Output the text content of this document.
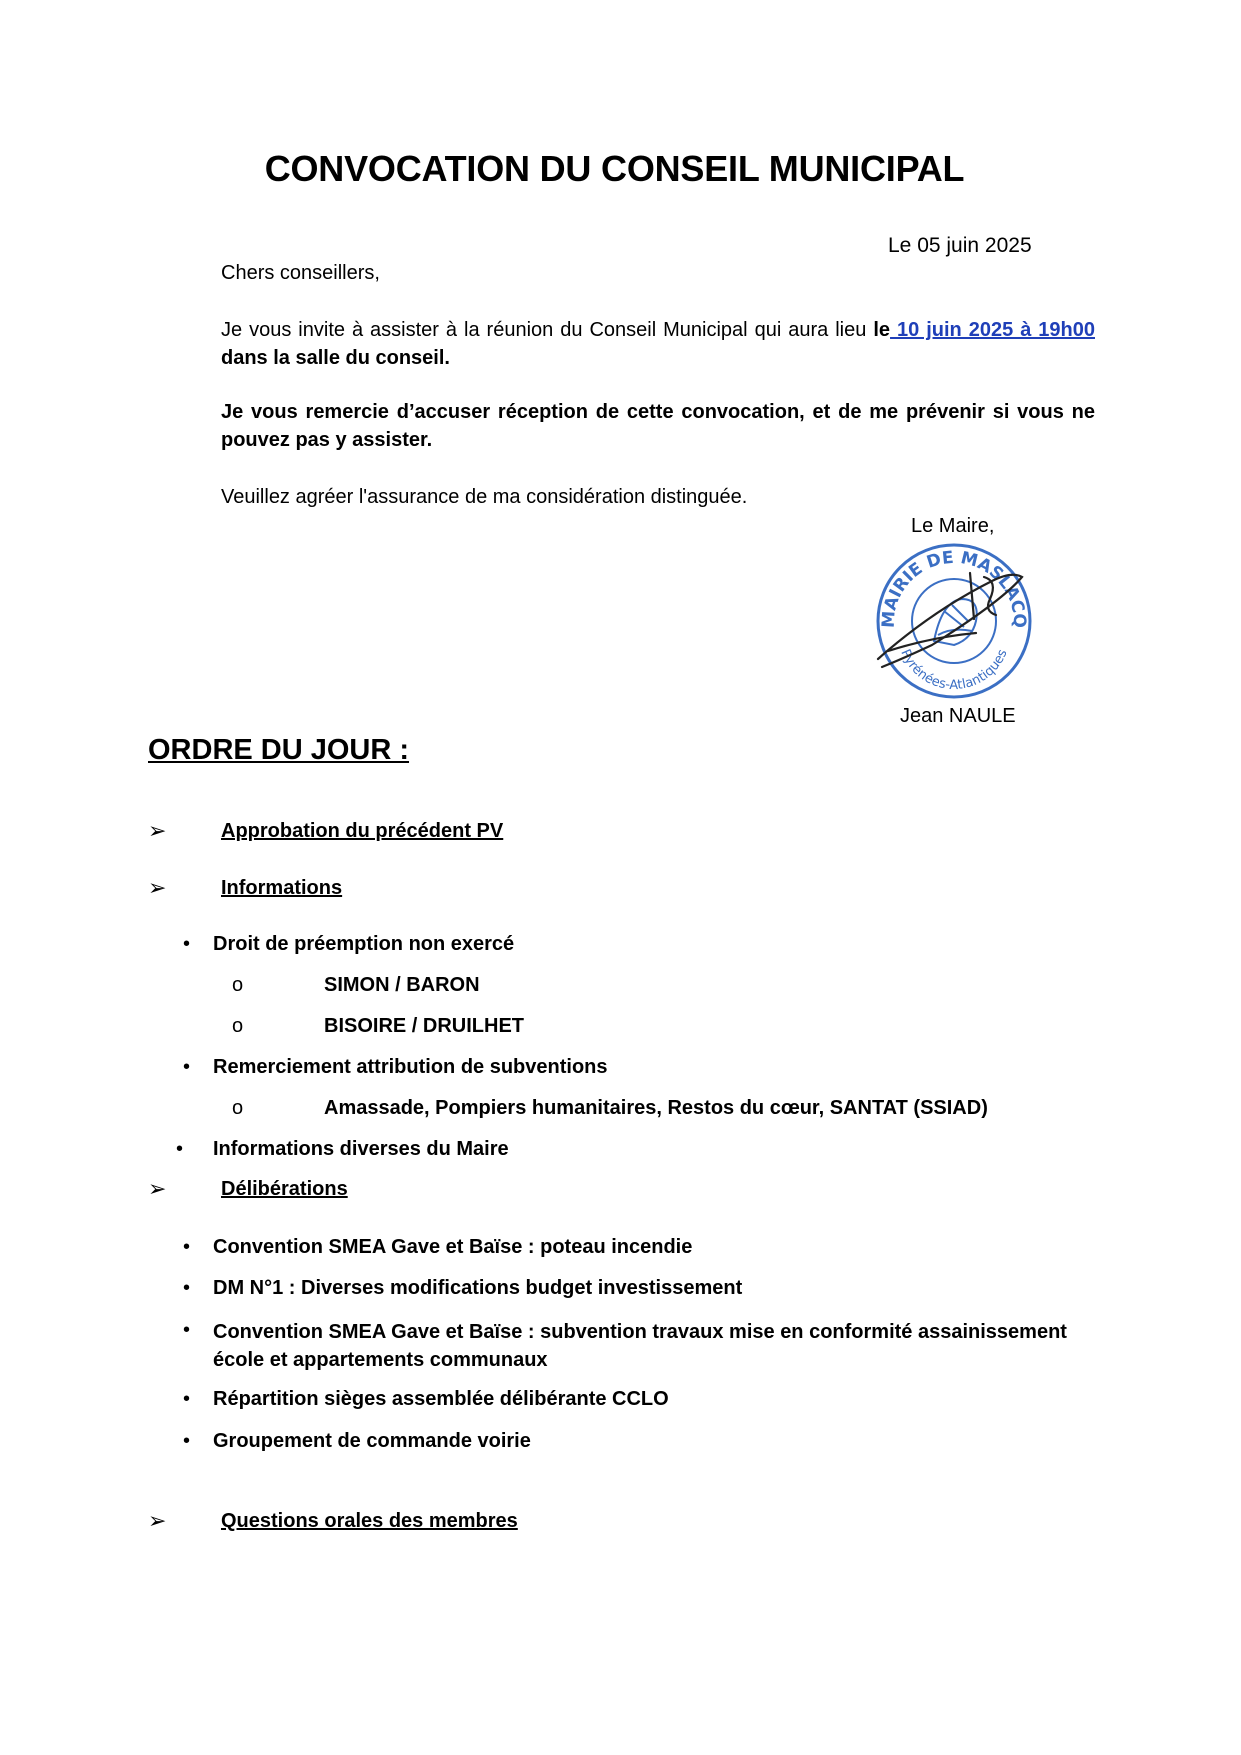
CONVOCATION DU CONSEIL MUNICIPAL
Le 05 juin 2025
Chers conseillers,
Je vous invite à assister à la réunion du Conseil Municipal qui aura lieu le 10 juin 2025 à 19h00 dans la salle du conseil.
Je vous remercie d’accuser réception de cette convocation, et de me prévenir si vous ne pouvez pas y assister.
Veuillez agréer l'assurance de ma considération distinguée.
Le Maire,
MAIRIE DE MASLACQ
Pyrénées-Atlantiques
Jean NAULE
ORDRE DU JOUR :
➢	Approbation du précédent PV
➢	Informations
• Droit de préemption non exercé
o	SIMON / BARON
o	BISOIRE / DRUILHET
• Remerciement attribution de subventions
o	Amassade, Pompiers humanitaires, Restos du cœur, SANTAT (SSIAD)
• Informations diverses du Maire
➢	Délibérations
• Convention SMEA Gave et Baïse : poteau incendie
• DM N°1 : Diverses modifications budget investissement
• Convention SMEA Gave et Baïse : subvention travaux mise en conformité assainissement école et appartements communaux
• Répartition sièges assemblée délibérante CCLO
• Groupement de commande voirie
➢	Questions orales des membres
